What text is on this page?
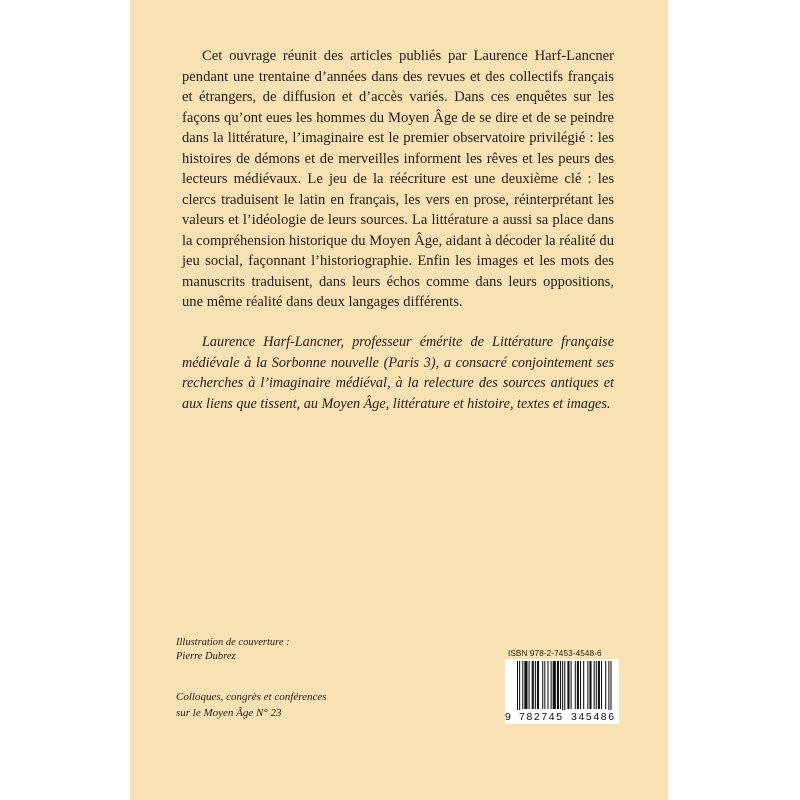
Cet ouvrage réunit des articles publiés par Laurence Harf-Lancner pendant une trentaine d’années dans des revues et des collectifs français et étrangers, de diffusion et d’accès variés. Dans ces enquêtes sur les façons qu’ont eues les hommes du Moyen Âge de se dire et de se peindre dans la littérature, l’imaginaire est le premier observatoire privilégié : les histoires de démons et de merveilles informent les rêves et les peurs des lecteurs médiévaux. Le jeu de la réécriture est une deuxième clé : les clercs traduisent le latin en français, les vers en prose, réinterprétant les valeurs et l’idéologie de leurs sources. La littérature a aussi sa place dans la compréhension historique du Moyen Âge, aidant à décoder la réalité du jeu social, façonnant l’historiographie. Enfin les images et les mots des manuscrits traduisent, dans leurs échos comme dans leurs oppositions, une même réalité dans deux langages différents.

Laurence Harf-Lancner, professeur émérite de Littérature française médiévale à la Sorbonne nouvelle (Paris 3), a consacré conjointement ses recherches à l’imaginaire médiéval, à la relecture des sources antiques et aux liens que tissent, au Moyen Âge, littérature et histoire, textes et images.

Illustration de couverture :
Pierre Dubrez
Colloques, congrès et conférences
sur le Moyen Âge N° 23
ISBN 978-2-7453-4548-6
9 782745 345486
